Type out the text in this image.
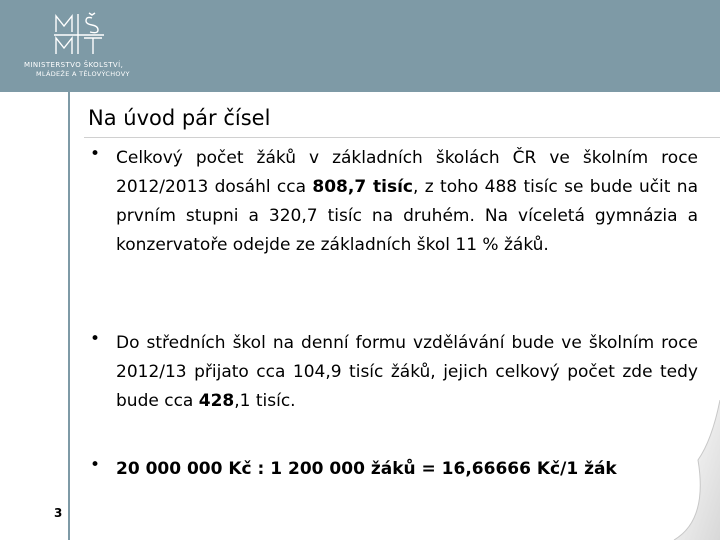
MINISTERSTVO ŠKOLSTVÍ,
MLÁDEŽE A TĚLOVÝCHOVY
Na úvod pár čísel
• Celkový počet žáků v základních školách ČR ve školním roce 2012/2013 dosáhl cca 808,7 tisíc, z toho 488 tisíc se bude učit na prvním stupni a 320,7 tisíc na druhém. Na víceletá gymnázia a konzervatoře odejde ze základních škol 11 % žáků.

• Do středních škol na denní formu vzdělávání bude ve školním roce 2012/13 přijato cca 104,9 tisíc žáků, jejich celkový počet zde tedy bude cca 428,1 tisíc.

• 20 000 000 Kč : 1 200 000 žáků = 16,66666 Kč/1 žák

3
